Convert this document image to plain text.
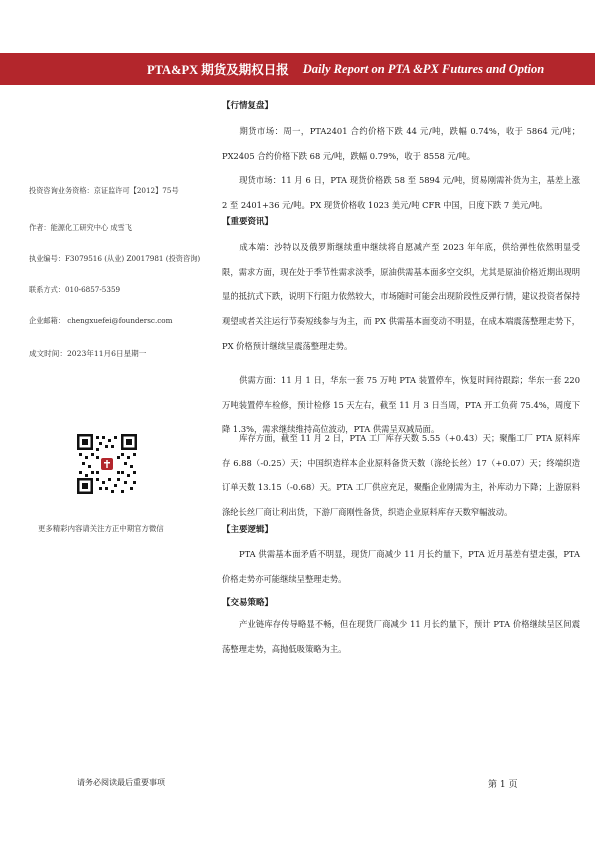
PTA&PX 期货及期权日报 Daily Report on PTA &PX Futures and Option
投资咨询业务资格：京证监许可【2012】75号
作者：能源化工研究中心 成雪飞
执业编号：F3079516 (从业) Z0017981 (投资咨询)
联系方式：010-6857-5359
企业邮箱： chengxuefei@foundersc.com
成文时间：2023年11月6日星期一
更多精彩内容请关注方正中期官方微信
【行情复盘】
期货市场：周一，PTA2401 合约价格下跌 44 元/吨，跌幅 0.74%，收于 5864 元/吨；PX2405 合约价格下跌 68 元/吨，跌幅 0.79%，收于 8558 元/吨。
现货市场：11 月 6 日，PTA 现货价格跌 58 至 5894 元/吨，贸易刚需补货为主，基差上涨 2 至 2401+36 元/吨。PX 现货价格收 1023 美元/吨 CFR 中国，日度下跌 7 美元/吨。
【重要资讯】
成本端：沙特以及俄罗斯继续重申继续将自愿减产至 2023 年年底，供给弹性依然明显受限，需求方面，现在处于季节性需求淡季，原油供需基本面多空交织，尤其是原油价格近期出现明显的抵抗式下跌，说明下行阻力依然较大，市场随时可能会出现阶段性反弹行情，建议投资者保持观望或者关注运行节奏短线参与为主，而 PX 供需基本面变动不明显，在成本端震荡整理走势下，PX 价格预计继续呈震荡整理走势。
供需方面：11 月 1 日，华东一套 75 万吨 PTA 装置停车，恢复时间待跟踪；华东一套 220 万吨装置停车检修，预计检修 15 天左右，截至 11 月 3 日当周，PTA 开工负荷 75.4%，周度下降 1.3%，需求继续维持高位波动，PTA 供需呈双减局面。
库存方面，截至 11 月 2 日，PTA 工厂库存天数 5.55（+0.43）天；聚酯工厂 PTA 原料库存 6.88（-0.25）天；中国织造样本企业原料备货天数（涤纶长丝）17（+0.07）天；终端织造订单天数 13.15（-0.68）天。PTA 工厂供应充足，聚酯企业刚需为主，补库动力下降；上游原料涤纶长丝厂商让利出货，下游厂商刚性备货，织造企业原料库存天数窄幅波动。
【主要逻辑】
PTA 供需基本面矛盾不明显，现货厂商减少 11 月长约量下，PTA 近月基差有望走强，PTA 价格走势亦可能继续呈整理走势。
【交易策略】
产业链库存传导略显不畅，但在现货厂商减少 11 月长约量下，预计 PTA 价格继续呈区间震荡整理走势，高抛低吸策略为主。
请务必阅读最后重要事项	第 1 页
